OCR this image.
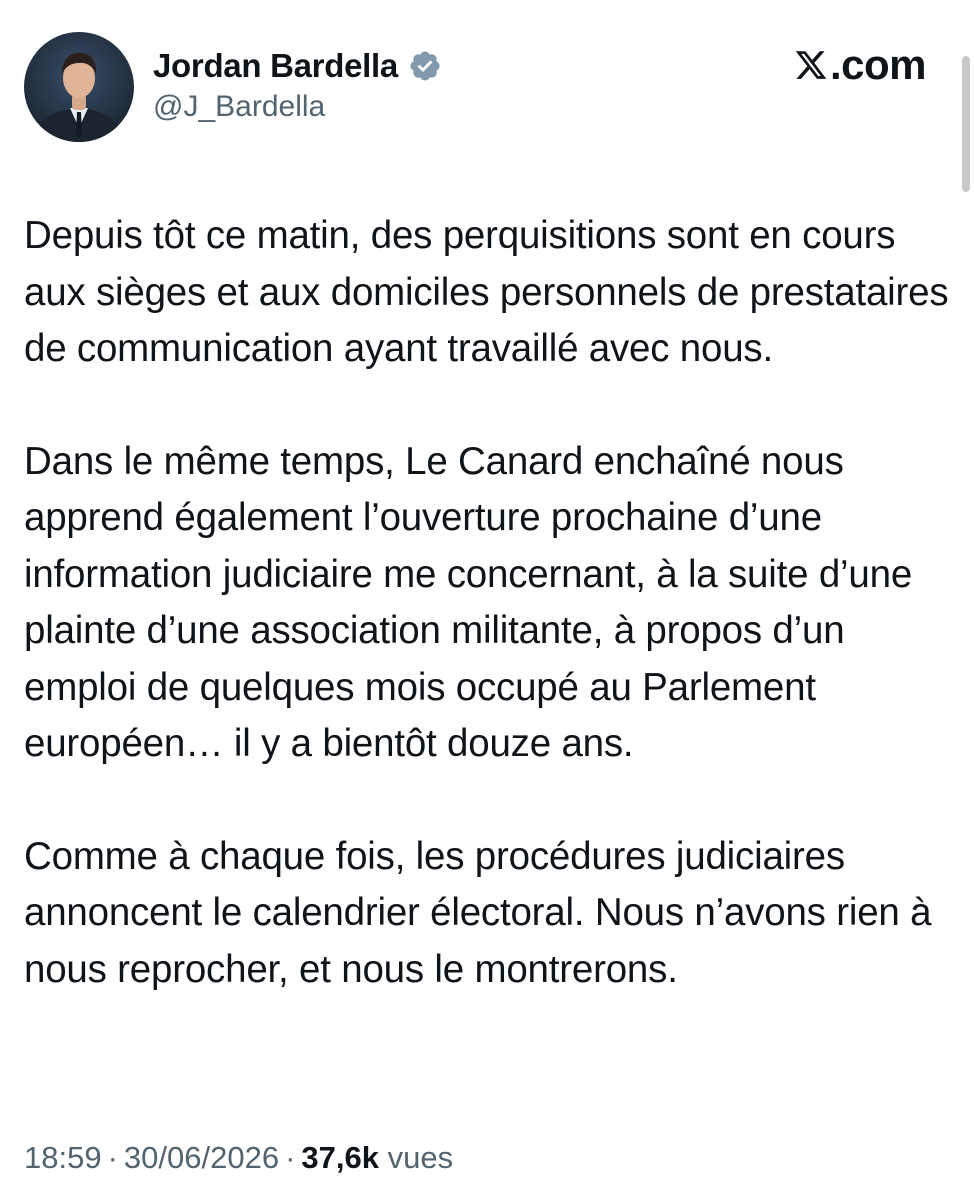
Jordan Bardella
@J_Bardella
.com

Depuis tôt ce matin, des perquisitions sont en cours aux sièges et aux domiciles personnels de prestataires de communication ayant travaillé avec nous.

Dans le même temps, Le Canard enchaîné nous apprend également l’ouverture prochaine d’une information judiciaire me concernant, à la suite d’une plainte d’une association militante, à propos d’un emploi de quelques mois occupé au Parlement européen… il y a bientôt douze ans.

Comme à chaque fois, les procédures judiciaires annoncent le calendrier électoral. Nous n’avons rien à nous reprocher, et nous le montrerons.

18:59 · 30/06/2026 · 37,6k vues
